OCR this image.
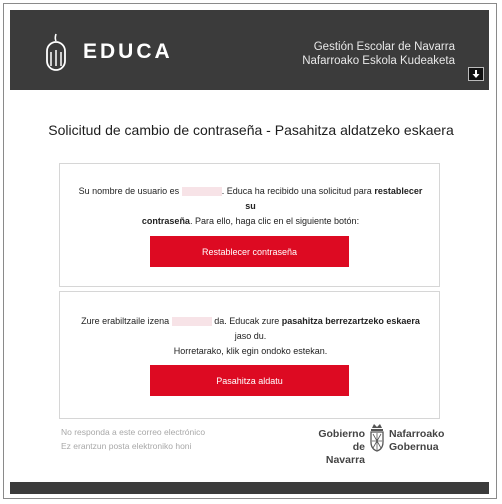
EDUCA	Gestión Escolar de Navarra
Nafarroako Eskola Kudeaketa
Solicitud de cambio de contraseña - Pasahitza aldatzeko eskaera
Su nombre de usuario es	. Educa ha recibido una solicitud para restablecer su
contraseña. Para ello, haga clic en el siguiente botón:
Restablecer contraseña
Zure erabiltzaile izena	da. Educak zure pasahitza berrezartzeko eskaera jaso du.
Horretarako, klik egin ondoko estekan.
Pasahitza aldatu
No responda a este correo electrónico
Ez erantzun posta elektroniko honi
Gobierno
de Navarra
Nafarroako
Gobernua
